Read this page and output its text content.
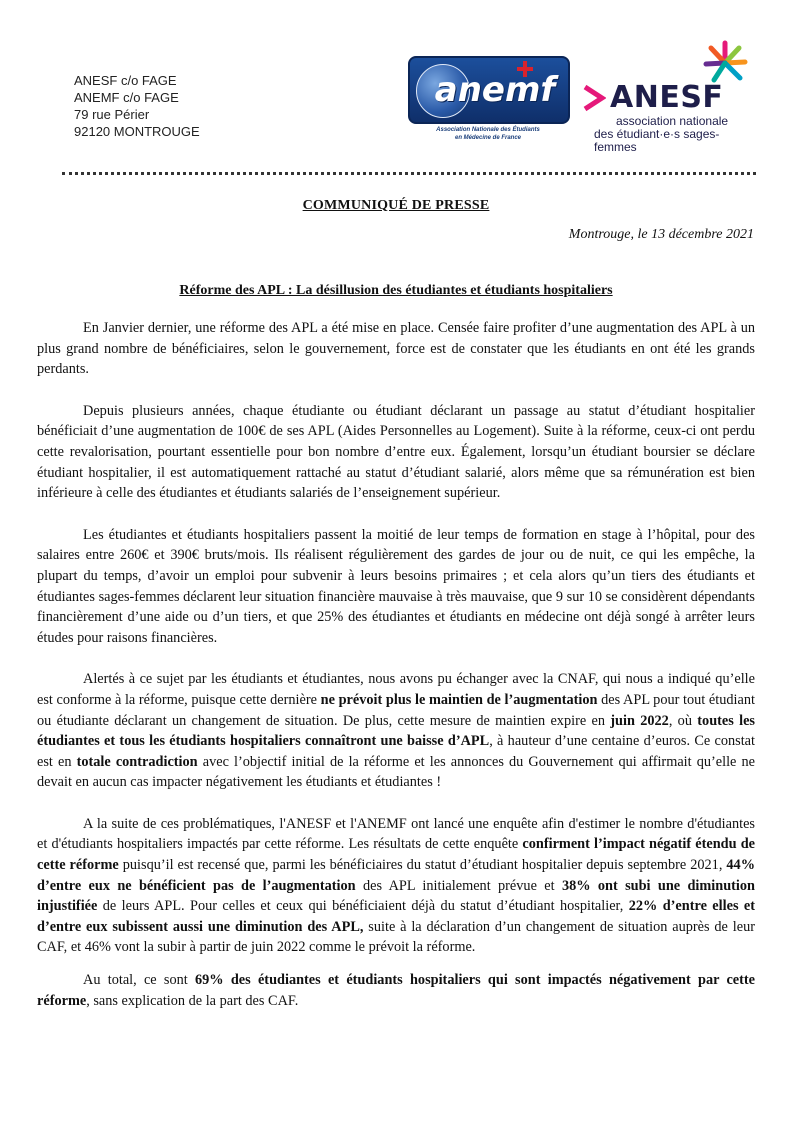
ANESF c/o FAGE
ANEMF c/o FAGE
79 rue Périer
92120 MONTROUGE
anemf
Association Nationale des Étudiants
en Médecine de France
ANESF
association nationale
des étudiant·e·s sages-femmes
COMMUNIQUÉ DE PRESSE
Montrouge, le 13 décembre 2021
Réforme des APL : La désillusion des étudiantes et étudiants hospitaliers

En Janvier dernier, une réforme des APL a été mise en place. Censée faire profiter d’une augmentation des APL à un plus grand nombre de bénéficiaires, selon le gouvernement, force est de constater que les étudiants en ont été les grands perdants.

Depuis plusieurs années, chaque étudiante ou étudiant déclarant un passage au statut d’étudiant hospitalier bénéficiait d’une augmentation de 100€ de ses APL (Aides Personnelles au Logement). Suite à la réforme, ceux-ci ont perdu cette revalorisation, pourtant essentielle pour bon nombre d’entre eux. Également, lorsqu’un étudiant boursier se déclare étudiant hospitalier, il est automatiquement rattaché au statut d’étudiant salarié, alors même que sa rémunération est bien inférieure à celle des étudiantes et étudiants salariés de l’enseignement supérieur.

Les étudiantes et étudiants hospitaliers passent la moitié de leur temps de formation en stage à l’hôpital, pour des salaires entre 260€ et 390€ bruts/mois. Ils réalisent régulièrement des gardes de jour ou de nuit, ce qui les empêche, la plupart du temps, d’avoir un emploi pour subvenir à leurs besoins primaires ; et cela alors qu’un tiers des étudiants et étudiantes sages-femmes déclarent leur situation financière mauvaise à très mauvaise, que 9 sur 10 se considèrent dépendants financièrement d’une aide ou d’un tiers, et que 25% des étudiantes et étudiants en médecine ont déjà songé à arrêter leurs études pour raisons financières.

Alertés à ce sujet par les étudiants et étudiantes, nous avons pu échanger avec la CNAF, qui nous a indiqué qu’elle est conforme à la réforme, puisque cette dernière ne prévoit plus le maintien de l’augmentation des APL pour tout étudiant ou étudiante déclarant un changement de situation. De plus, cette mesure de maintien expire en juin 2022, où toutes les étudiantes et tous les étudiants hospitaliers connaîtront une baisse d’APL, à hauteur d’une centaine d’euros. Ce constat est en totale contradiction avec l’objectif initial de la réforme et les annonces du Gouvernement qui affirmait qu’elle ne devait en aucun cas impacter négativement les étudiants et étudiantes !

A la suite de ces problématiques, l'ANESF et l'ANEMF ont lancé une enquête afin d'estimer le nombre d'étudiantes et d'étudiants hospitaliers impactés par cette réforme. Les résultats de cette enquête confirment l’impact négatif étendu de cette réforme puisqu’il est recensé que, parmi les bénéficiaires du statut d’étudiant hospitalier depuis septembre 2021, 44% d’entre eux ne bénéficient pas de l’augmentation des APL initialement prévue et 38% ont subi une diminution injustifiée de leurs APL. Pour celles et ceux qui bénéficiaient déjà du statut d’étudiant hospitalier, 22% d’entre elles et d’entre eux subissent aussi une diminution des APL, suite à la déclaration d’un changement de situation auprès de leur CAF, et 46% vont la subir à partir de juin 2022 comme le prévoit la réforme.

Au total, ce sont 69% des étudiantes et étudiants hospitaliers qui sont impactés négativement par cette réforme, sans explication de la part des CAF.
